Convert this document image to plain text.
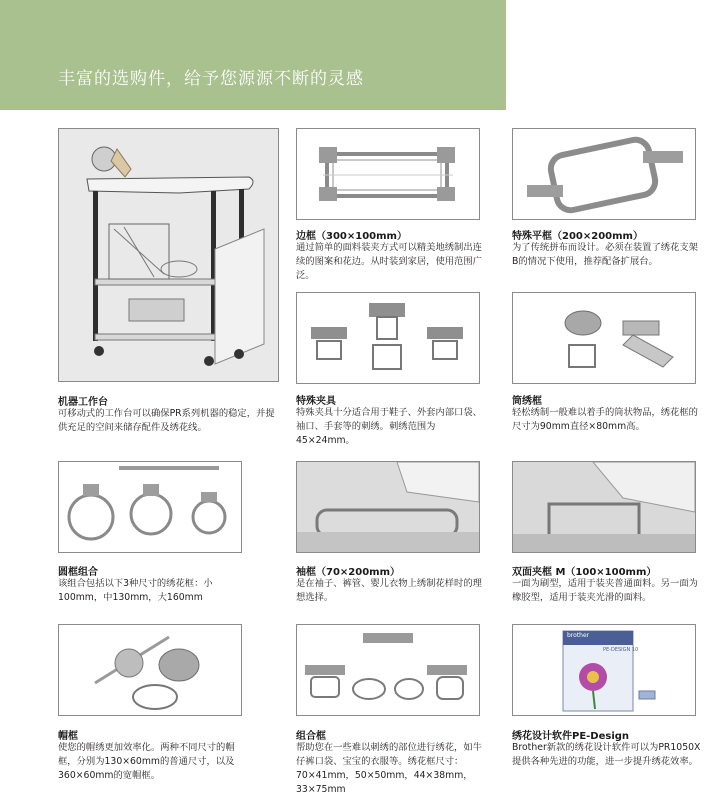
丰富的选购件，给予您源源不断的灵感

机器工作台

可移动式的工作台可以确保PR系列机器的稳定，并提供充足的空间来储存配件及绣花线。

边框（300×100mm）

通过简单的面料装夹方式可以精美地绣制出连续的图案和花边。从时装到家居，使用范围广泛。

特殊平框（200×200mm）

为了传统拼布而设计。必须在装置了绣花支架B的情况下使用，推荐配备扩展台。

特殊夹具

特殊夹具十分适合用于鞋子、外套内部口袋、袖口、手套等的刺绣。刺绣范围为45×24mm。

筒绣框

轻松绣制一般难以着手的筒状物品，绣花框的尺寸为90mm直径×80mm高。

圆框组合

该组合包括以下3种尺寸的绣花框：小100mm，中130mm，大160mm

袖框（70×200mm）

是在袖子、裤管、婴儿衣物上绣制花样时的理想选择。

双面夹框 M（100×100mm）

一面为刷型，适用于装夹普通面料。另一面为橡胶型，适用于装夹光滑的面料。

帽框

使您的帽绣更加效率化。两种不同尺寸的帽框，分别为130×60mm的普通尺寸，以及360×60mm的宽帽框。

组合框

帮助您在一些难以刺绣的部位进行绣花，如牛仔裤口袋、宝宝的衣服等。绣花框尺寸：70×41mm，50×50mm，44×38mm，33×75mm

brother
PE-DESIGN 10

绣花设计软件PE-Design

Brother新款的绣花设计软件可以为PR1050X提供各种先进的功能，进一步提升绣花效率。
